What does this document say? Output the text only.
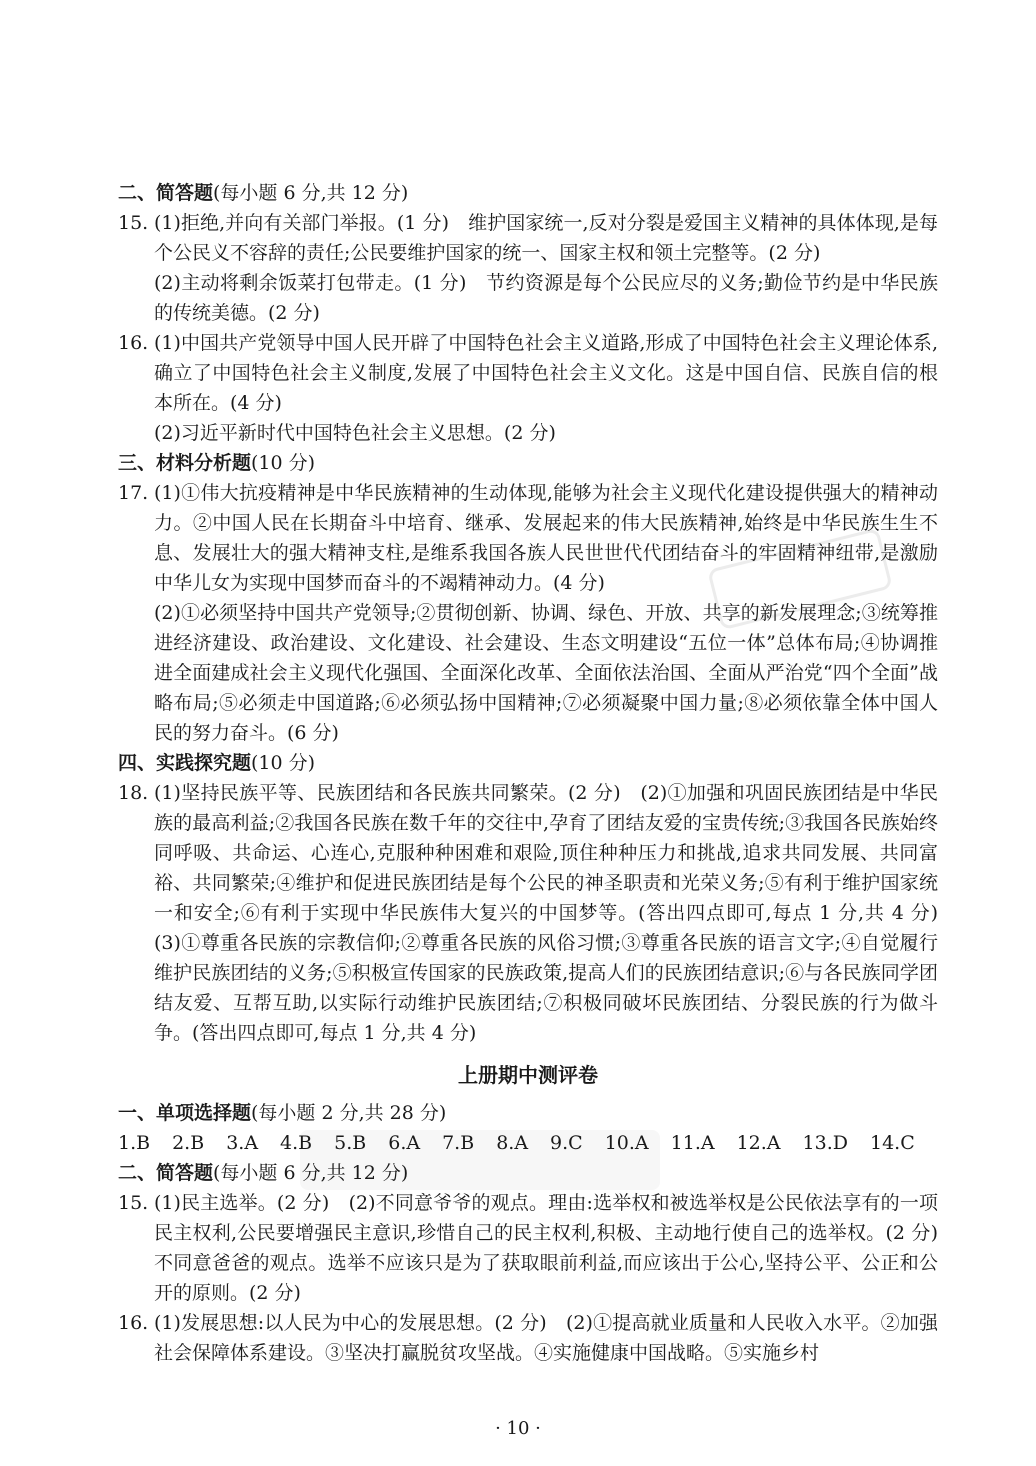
二、简答题(每小题 6 分,共 12 分)
15. (1)拒绝,并向有关部门举报。(1 分)　维护国家统一,反对分裂是爱国主义精神的具体体现,是每个公民义不容辞的责任;公民要维护国家的统一、国家主权和领土完整等。(2 分)
(2)主动将剩余饭菜打包带走。(1 分)　节约资源是每个公民应尽的义务;勤俭节约是中华民族的传统美德。(2 分)
16. (1)中国共产党领导中国人民开辟了中国特色社会主义道路,形成了中国特色社会主义理论体系,确立了中国特色社会主义制度,发展了中国特色社会主义文化。这是中国自信、民族自信的根本所在。(4 分)
(2)习近平新时代中国特色社会主义思想。(2 分)
三、材料分析题(10 分)
17. (1)①伟大抗疫精神是中华民族精神的生动体现,能够为社会主义现代化建设提供强大的精神动力。②中国人民在长期奋斗中培育、继承、发展起来的伟大民族精神,始终是中华民族生生不息、发展壮大的强大精神支柱,是维系我国各族人民世世代代团结奋斗的牢固精神纽带,是激励中华儿女为实现中国梦而奋斗的不竭精神动力。(4 分)
(2)①必须坚持中国共产党领导;②贯彻创新、协调、绿色、开放、共享的新发展理念;③统筹推进经济建设、政治建设、文化建设、社会建设、生态文明建设“五位一体”总体布局;④协调推进全面建成社会主义现代化强国、全面深化改革、全面依法治国、全面从严治党“四个全面”战略布局;⑤必须走中国道路;⑥必须弘扬中国精神;⑦必须凝聚中国力量;⑧必须依靠全体中国人民的努力奋斗。(6 分)
四、实践探究题(10 分)
18. (1)坚持民族平等、民族团结和各民族共同繁荣。(2 分)　(2)①加强和巩固民族团结是中华民族的最高利益;②我国各民族在数千年的交往中,孕育了团结友爱的宝贵传统;③我国各民族始终同呼吸、共命运、心连心,克服种种困难和艰险,顶住种种压力和挑战,追求共同发展、共同富裕、共同繁荣;④维护和促进民族团结是每个公民的神圣职责和光荣义务;⑤有利于维护国家统一和安全;⑥有利于实现中华民族伟大复兴的中国梦等。(答出四点即可,每点 1 分,共 4 分)　(3)①尊重各民族的宗教信仰;②尊重各民族的风俗习惯;③尊重各民族的语言文字;④自觉履行维护民族团结的义务;⑤积极宣传国家的民族政策,提高人们的民族团结意识;⑥与各民族同学团结友爱、互帮互助,以实际行动维护民族团结;⑦积极同破坏民族团结、分裂民族的行为做斗争。(答出四点即可,每点 1 分,共 4 分)
上册期中测评卷
一、单项选择题(每小题 2 分,共 28 分)
1.B 2.B 3.A 4.B 5.B 6.A 7.B 8.A 9.C 10.A 11.A 12.A 13.D 14.C
二、简答题(每小题 6 分,共 12 分)
15. (1)民主选举。(2 分)　(2)不同意爷爷的观点。理由:选举权和被选举权是公民依法享有的一项民主权利,公民要增强民主意识,珍惜自己的民主权利,积极、主动地行使自己的选举权。(2 分)不同意爸爸的观点。选举不应该只是为了获取眼前利益,而应该出于公心,坚持公平、公正和公开的原则。(2 分)
16. (1)发展思想:以人民为中心的发展思想。(2 分)　(2)①提高就业质量和人民收入水平。②加强社会保障体系建设。③坚决打赢脱贫攻坚战。④实施健康中国战略。⑤实施乡村
· 10 ·
